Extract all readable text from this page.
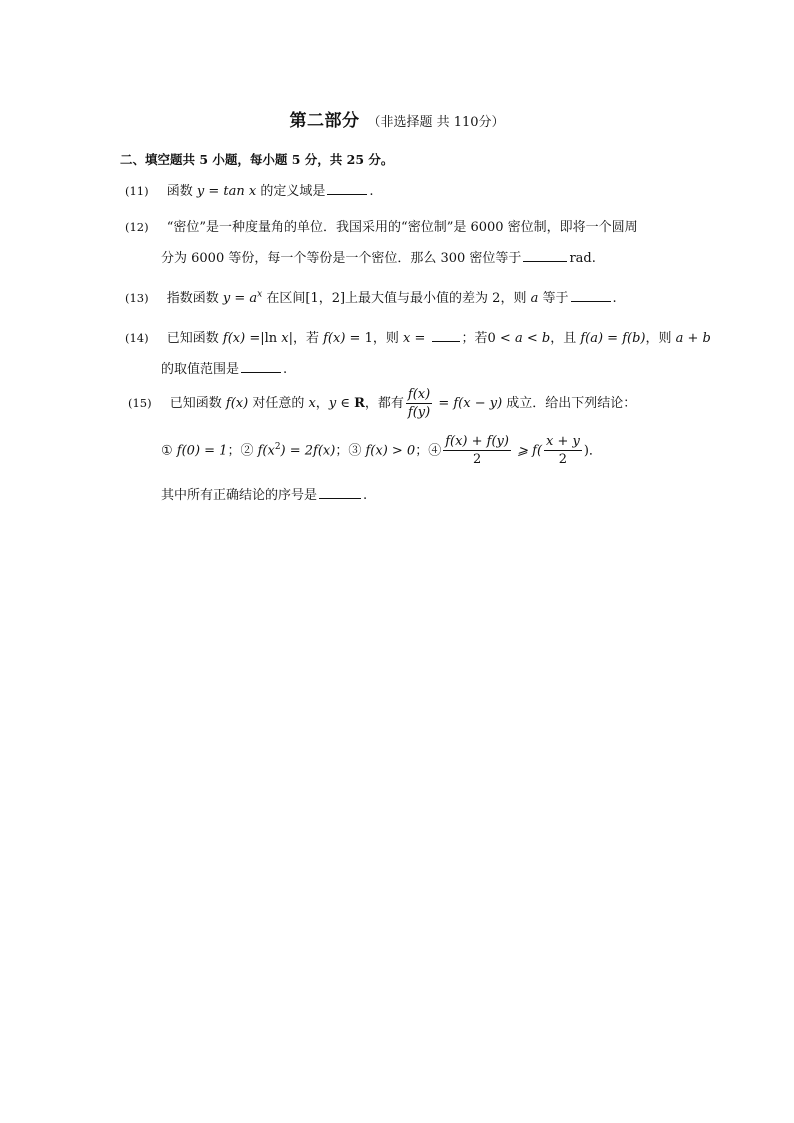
第二部分 （非选择题 共 110分）
二、填空题共 5 小题，每小题 5 分，共 25 分。
(11) 函数 y = tan x 的定义域是	.
(12) “密位”是一种度量角的单位．我国采用的“密位制”是 6000 密位制，即将一个圆周
分为 6000 等份，每一个等份是一个密位．那么 300 密位等于	rad.
(13) 指数函数 $y = a^x$ 在区间[1，2]上最大值与最小值的差为 2，则 a 等于	.
(14) 已知函数 f(x) =|ln x|，若 f(x) = 1，则 x = ；若0 < a < b，且 f(a) = f(b)，则 a + b
的取值范围是	.
(15) 已知函数 f(x) 对任意的 x，y ∈ R，都有 $\frac{f(x)}{f(y)} = f(x - y)$ 成立．给出下列结论：
① f(0) = 1；② $f(x^2) = 2f(x)$；③ f(x) > 0；④ $\frac{f(x) + f(y)}{2}$ ⩾ $f( \frac{x + y}{2}$ )．
其中所有正确结论的序号是	.
